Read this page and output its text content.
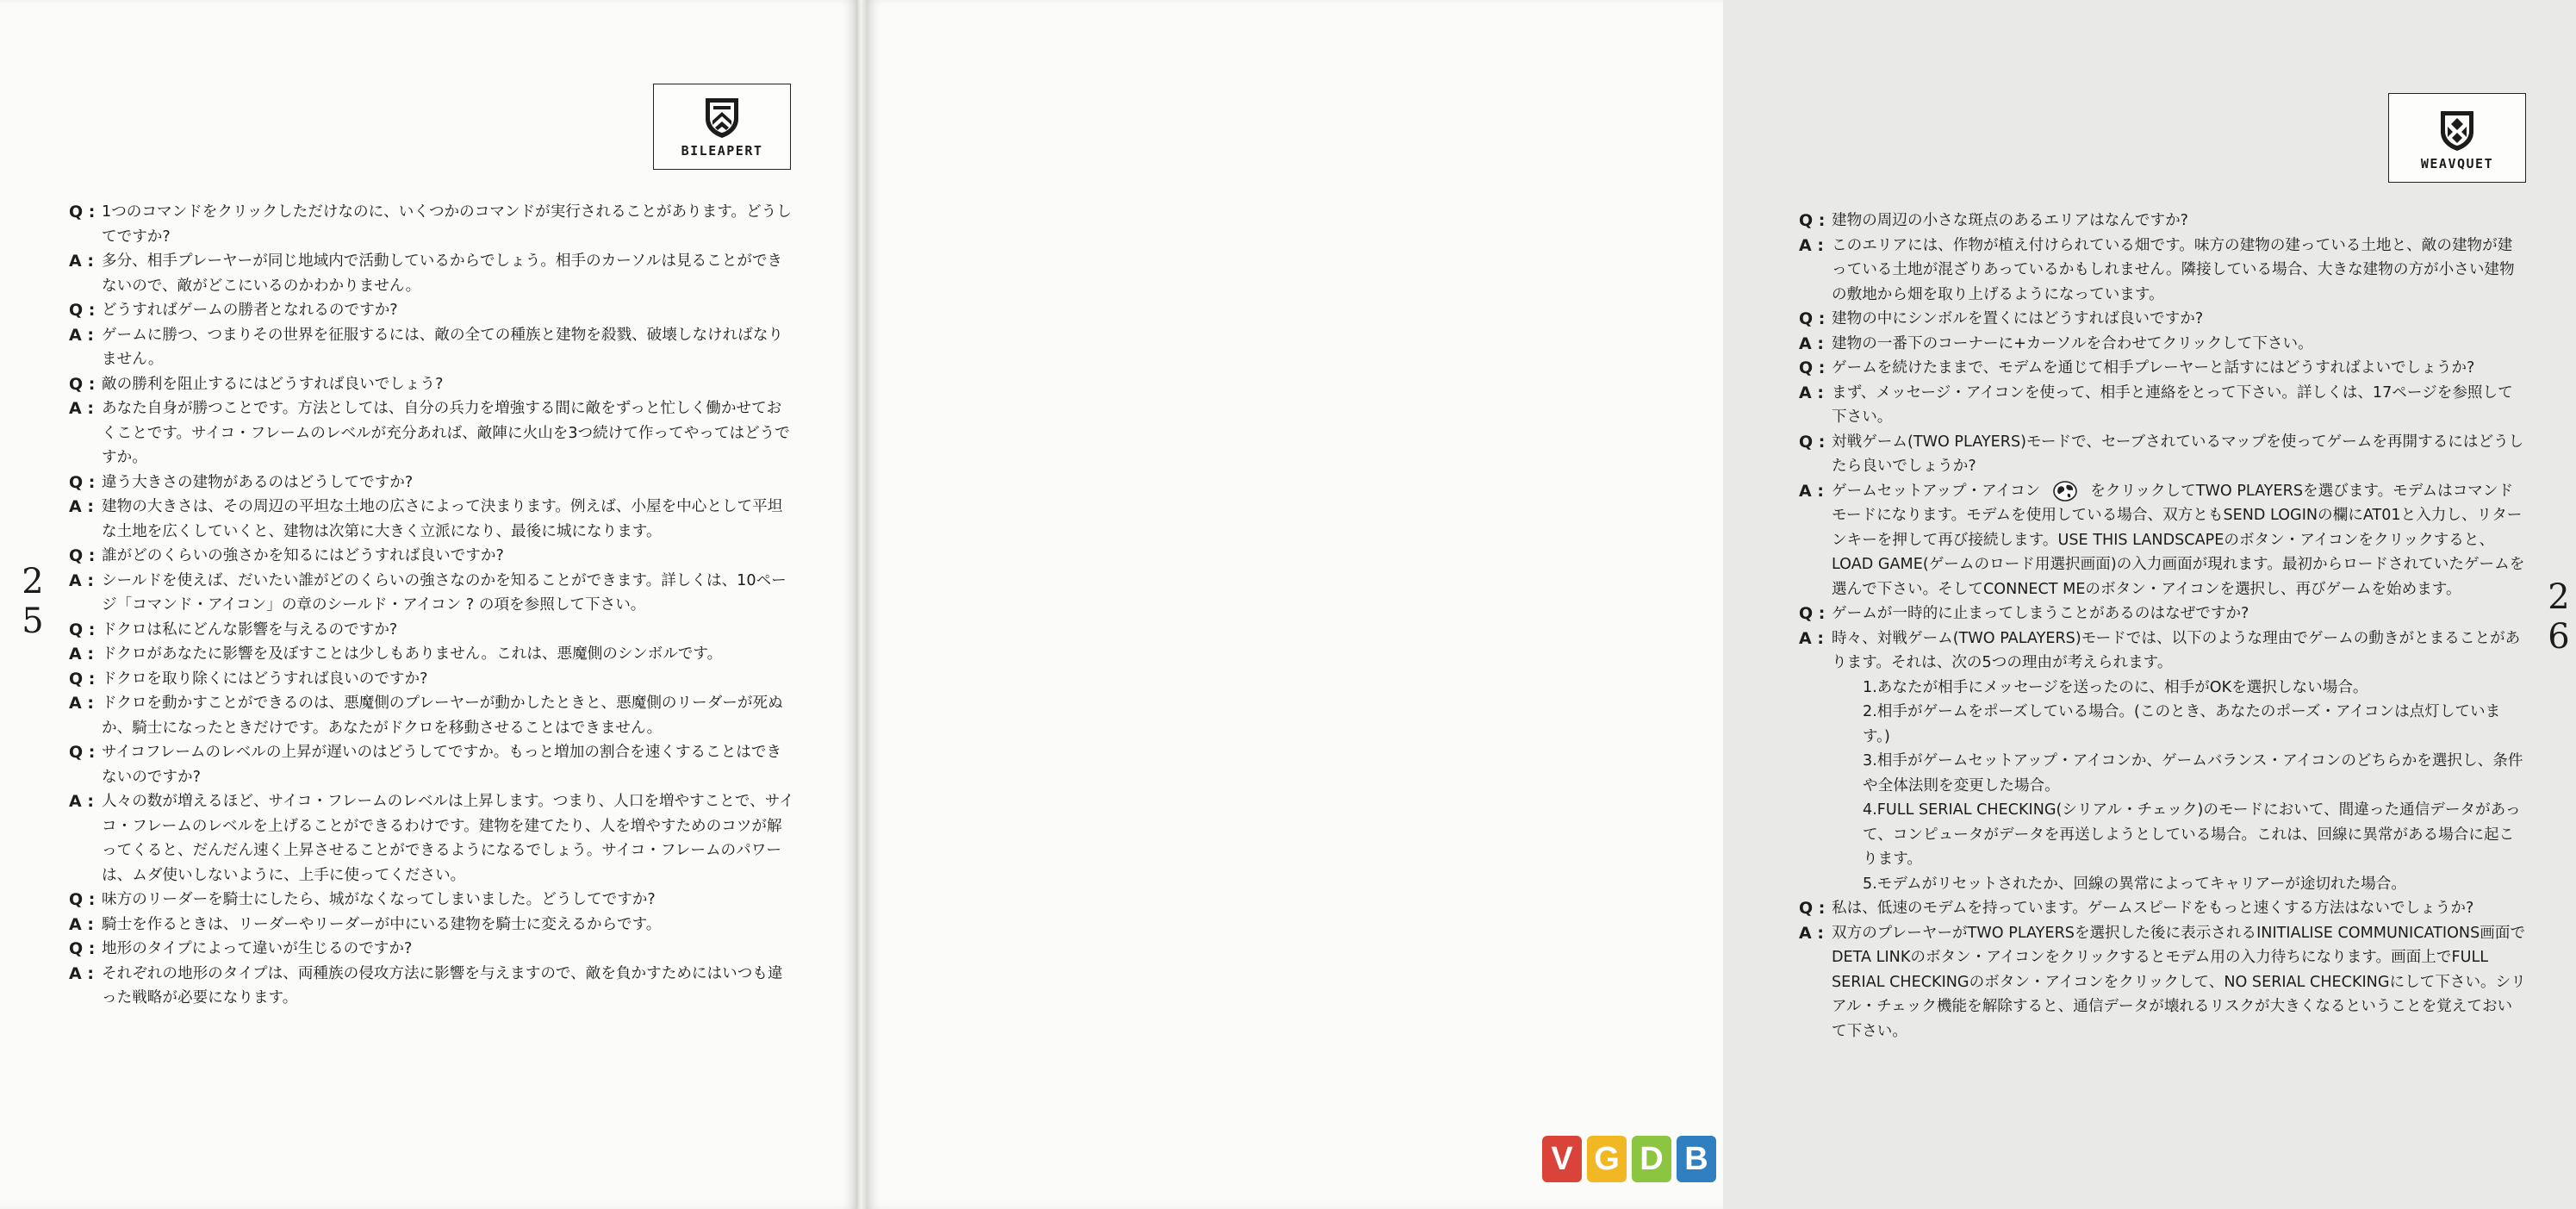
BILEAPERT
Q : 1つのコマンドをクリックしただけなのに、いくつかのコマンドが実行されることがあります。どうしてですか?
A : 多分、相手プレーヤーが同じ地域内で活動しているからでしょう。相手のカーソルは見ることができないので、敵がどこにいるのかわかりません。
Q : どうすればゲームの勝者となれるのですか?
A : ゲームに勝つ、つまりその世界を征服するには、敵の全ての種族と建物を殺戮、破壊しなければなりません。
Q : 敵の勝利を阻止するにはどうすれば良いでしょう?
A : あなた自身が勝つことです。方法としては、自分の兵力を増強する間に敵をずっと忙しく働かせておくことです。サイコ・フレームのレベルが充分あれば、敵陣に火山を3つ続けて作ってやってはどうですか。
Q : 違う大きさの建物があるのはどうしてですか?
A : 建物の大きさは、その周辺の平坦な土地の広さによって決まります。例えば、小屋を中心として平坦な土地を広くしていくと、建物は次第に大きく立派になり、最後に城になります。
Q : 誰がどのくらいの強さかを知るにはどうすれば良いですか?
A : シールドを使えば、だいたい誰がどのくらいの強さなのかを知ることができます。詳しくは、10ページ「コマンド・アイコン」の章のシールド・アイコン ? の項を参照して下さい。
Q : ドクロは私にどんな影響を与えるのですか?
A : ドクロがあなたに影響を及ぼすことは少しもありません。これは、悪魔側のシンボルです。
Q : ドクロを取り除くにはどうすれば良いのですか?
A : ドクロを動かすことができるのは、悪魔側のプレーヤーが動かしたときと、悪魔側のリーダーが死ぬか、騎士になったときだけです。あなたがドクロを移動させることはできません。
Q : サイコフレームのレベルの上昇が遅いのはどうしてですか。もっと増加の割合を速くすることはできないのですか?
A : 人々の数が増えるほど、サイコ・フレームのレベルは上昇します。つまり、人口を増やすことで、サイコ・フレームのレベルを上げることができるわけです。建物を建てたり、人を増やすためのコツが解ってくると、だんだん速く上昇させることができるようになるでしょう。サイコ・フレームのパワーは、ムダ使いしないように、上手に使ってください。
Q : 味方のリーダーを騎士にしたら、城がなくなってしまいました。どうしてですか?
A : 騎士を作るときは、リーダーやリーダーが中にいる建物を騎士に変えるからです。
Q : 地形のタイプによって違いが生じるのですか?
A : それぞれの地形のタイプは、両種族の侵攻方法に影響を与えますので、敵を負かすためにはいつも違った戦略が必要になります。
2
5
WEAVQUET
Q : 建物の周辺の小さな斑点のあるエリアはなんですか?
A : このエリアには、作物が植え付けられている畑です。味方の建物の建っている土地と、敵の建物が建っている土地が混ざりあっているかもしれません。隣接している場合、大きな建物の方が小さい建物の敷地から畑を取り上げるようになっています。
Q : 建物の中にシンボルを置くにはどうすれば良いですか?
A : 建物の一番下のコーナーに+カーソルを合わせてクリックして下さい。
Q : ゲームを続けたままで、モデムを通じて相手プレーヤーと話すにはどうすればよいでしょうか?
A : まず、メッセージ・アイコンを使って、相手と連絡をとって下さい。詳しくは、17ページを参照して下さい。
Q : 対戦ゲーム(TWO PLAYERS)モードで、セーブされているマップを使ってゲームを再開するにはどうしたら良いでしょうか?
A : ゲームセットアップ・アイコン	をクリックしてTWO PLAYERSを選びます。モデムはコマンドモードになります。モデムを使用している場合、双方ともSEND LOGINの欄にAT01と入力し、リターンキーを押して再び接続します。USE THIS LANDSCAPEのボタン・アイコンをクリックすると、LOAD GAME(ゲームのロード用選択画面)の入力画面が現れます。最初からロードされていたゲームを選んで下さい。そしてCONNECT MEのボタン・アイコンを選択し、再びゲームを始めます。
Q : ゲームが一時的に止まってしまうことがあるのはなぜですか?
A : 時々、対戦ゲーム(TWO PALAYERS)モードでは、以下のような理由でゲームの動きがとまることがあります。それは、次の5つの理由が考えられます。
1.あなたが相手にメッセージを送ったのに、相手がOKを選択しない場合。
2.相手がゲームをポーズしている場合。(このとき、あなたのポーズ・アイコンは点灯しています。)
3.相手がゲームセットアップ・アイコンか、ゲームバランス・アイコンのどちらかを選択し、条件や全体法則を変更した場合。
4.FULL SERIAL CHECKING(シリアル・チェック)のモードにおいて、間違った通信データがあって、コンピュータがデータを再送しようとしている場合。これは、回線に異常がある場合に起こります。
5.モデムがリセットされたか、回線の異常によってキャリアーが途切れた場合。
Q : 私は、低速のモデムを持っています。ゲームスピードをもっと速くする方法はないでしょうか?
A : 双方のプレーヤーがTWO PLAYERSを選択した後に表示されるINITIALISE COMMUNICATIONS画面でDETA LINKのボタン・アイコンをクリックするとモデム用の入力待ちになります。画面上でFULL SERIAL CHECKINGのボタン・アイコンをクリックして、NO SERIAL CHECKINGにして下さい。シリアル・チェック機能を解除すると、通信データが壊れるリスクが大きくなるということを覚えておいて下さい。
2
6
V G D B
